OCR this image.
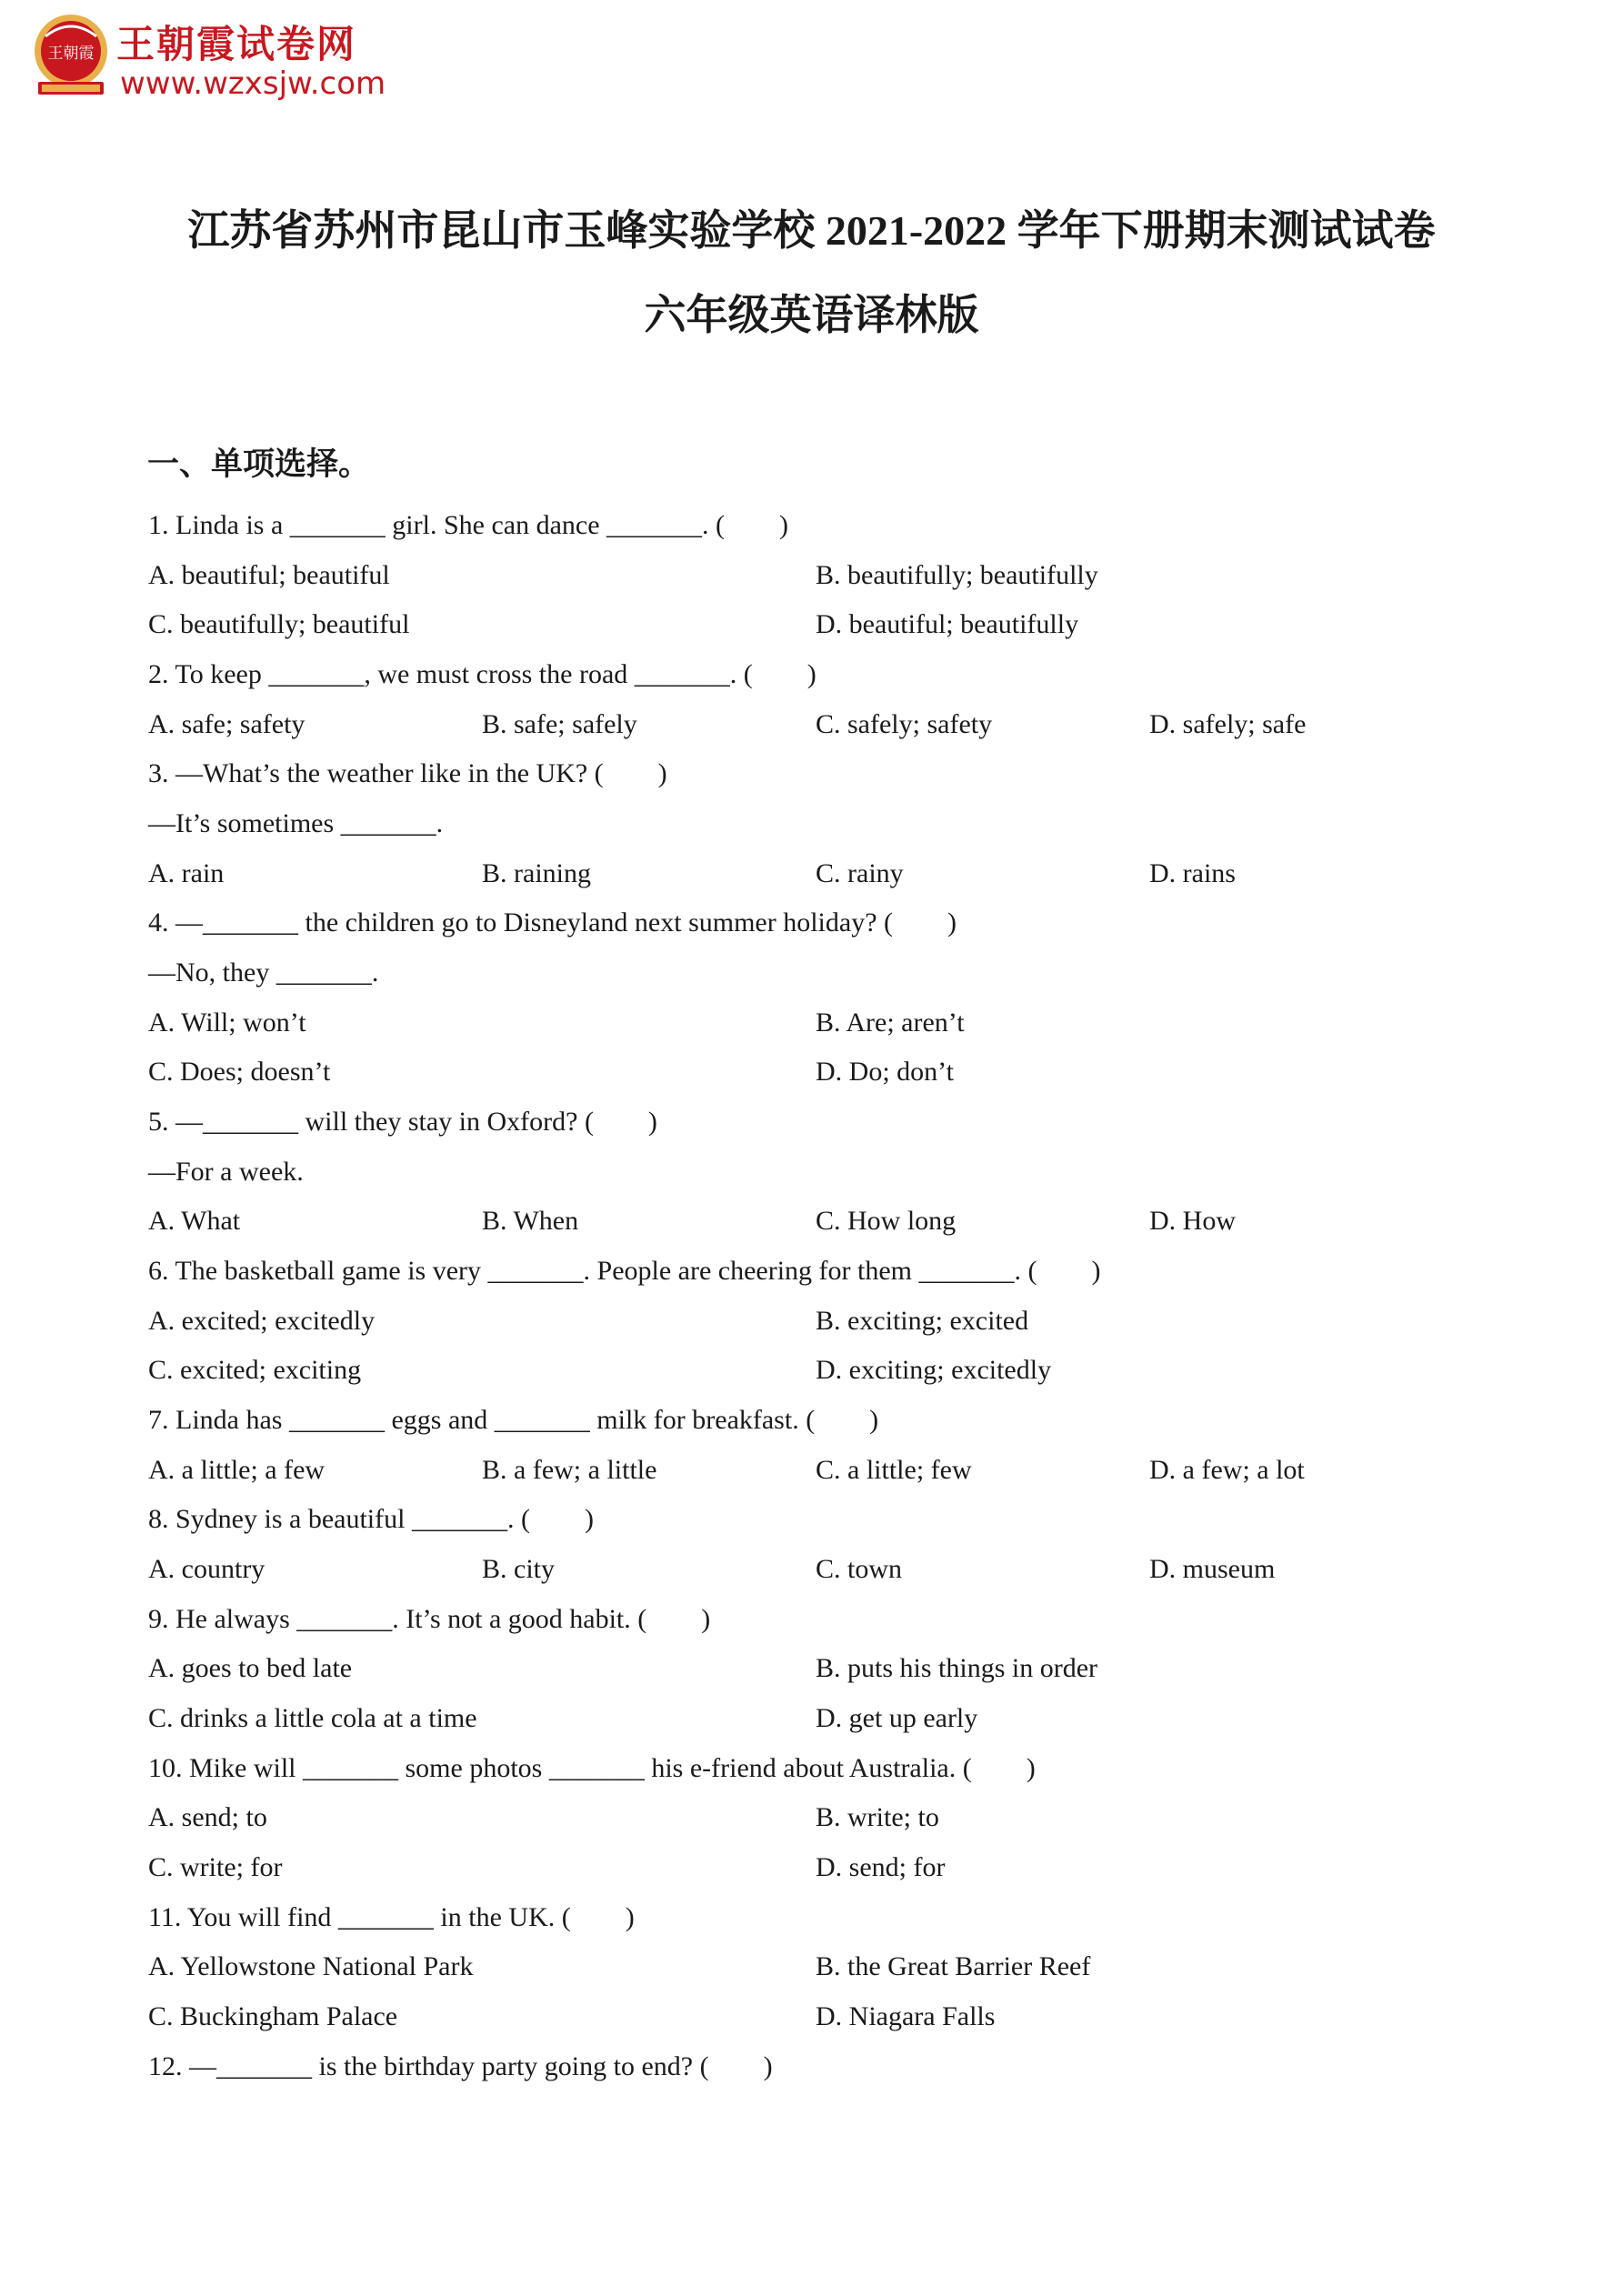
王朝霞 王朝霞试卷网
www.wzxsjw.com
江苏省苏州市昆山市玉峰实验学校 2021-2022 学年下册期末测试试卷
六年级英语译林版
一、单项选择。
1. Linda is a _______ girl. She can dance _______. (        )
A. beautiful; beautiful	B. beautifully; beautifully
C. beautifully; beautiful	D. beautiful; beautifully
2. To keep _______, we must cross the road _______. (        )
A. safe; safety	B. safe; safely	C. safely; safety	D. safely; safe
3. —What’s the weather like in the UK? (        )
—It’s sometimes _______.
A. rain	B. raining	C. rainy	D. rains
4. —_______ the children go to Disneyland next summer holiday? (        )
—No, they _______.
A. Will; won’t	B. Are; aren’t
C. Does; doesn’t	D. Do; don’t
5. —_______ will they stay in Oxford? (        )
—For a week.
A. What	B. When	C. How long	D. How
6. The basketball game is very _______. People are cheering for them _______. (        )
A. excited; excitedly	B. exciting; excited
C. excited; exciting	D. exciting; excitedly
7. Linda has _______ eggs and _______ milk for breakfast. (        )
A. a little; a few	B. a few; a little	C. a little; few	D. a few; a lot
8. Sydney is a beautiful _______. (        )
A. country	B. city	C. town	D. museum
9. He always _______. It’s not a good habit. (        )
A. goes to bed late	B. puts his things in order
C. drinks a little cola at a time	D. get up early
10. Mike will _______ some photos _______ his e-friend about Australia. (        )
A. send; to	B. write; to
C. write; for	D. send; for
11. You will find _______ in the UK. (        )
A. Yellowstone National Park	B. the Great Barrier Reef
C. Buckingham Palace	D. Niagara Falls
12. —_______ is the birthday party going to end? (        )
